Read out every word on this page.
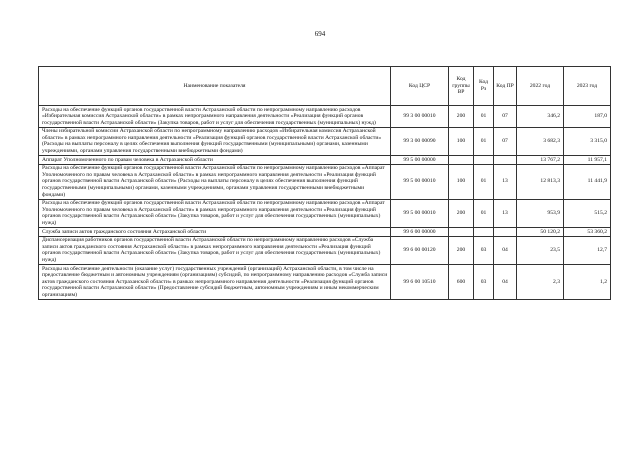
694
Наименование показателя	Код ЦСР	Код группы ВР	Код Рз	Код ПР	2022 год	2023 год
Расходы на обеспечение функций органов государственной власти Астраханской области по непрограммному направлению расходов «Избирательная комиссия Астраханской области» в рамках непрограммного направления деятельности «Реализация функций органов государственной власти Астраханской области» (Закупка товаров, работ и услуг для обеспечения государственных (муниципальных) нужд)	99 3 00 00010	200	01	07	346,2	187,0
Члены избирательной комиссии Астраханской области по непрограммному направлению расходов «Избирательная комиссия Астраханской области» в рамках непрограммного направления деятельности «Реализация функций органов государственной власти Астраханской области» (Расходы на выплаты персоналу в целях обеспечения выполнения функций государственными (муниципальными) органами, казенными учреждениями, органами управления государственными внебюджетными фондами)	99 3 00 00090	100	01	07	3 682,3	3 315,0
Аппарат Уполномоченного по правам человека в Астраханской области	99 5 00 00000				13 767,2	11 957,1
Расходы на обеспечение функций органов государственной власти Астраханской области по непрограммному направлению расходов «Аппарат Уполномоченного по правам человека в Астраханской области» в рамках непрограммного направления деятельности «Реализация функций органов государственной власти Астраханской области» (Расходы на выплаты персоналу в целях обеспечения выполнения функций государственными (муниципальными) органами, казенными учреждениями, органами управления государственными внебюджетными фондами)	99 5 00 00010	100	01	13	12 813,3	11 441,9
Расходы на обеспечение функций органов государственной власти Астраханской области по непрограммному направлению расходов «Аппарат Уполномоченного по правам человека в Астраханской области» в рамках непрограммного направления деятельности «Реализация функций органов государственной власти Астраханской области» (Закупка товаров, работ и услуг для обеспечения государственных (муниципальных) нужд)	99 5 00 00010	200	01	13	953,9	515,2
Служба записи актов гражданского состояния Астраханской области	99 6 00 00000				50 120,2	53 360,2
Диспансеризация работников органов государственной власти Астраханской области по непрограммному направлению расходов «Служба записи актов гражданского состояния Астраханской области» в рамках непрограммного направления деятельности «Реализация функций органов государственной власти Астраханской области» (Закупка товаров, работ и услуг для обеспечения государственных (муниципальных) нужд)	99 6 00 00120	200	03	04	23,5	12,7
Расходы на обеспечение деятельности (оказание услуг) государственных учреждений (организаций) Астраханской области, в том числе на предоставление бюджетным и автономным учреждениям (организациям) субсидий, по непрограммному направлению расходов «Служба записи актов гражданского состояния Астраханской области» в рамках непрограммного направления деятельности «Реализация функций органов государственной власти Астраханской области» (Предоставление субсидий бюджетным, автономным учреждениям и иным некоммерческим организациям)	99 6 00 10510	600	03	04	2,3	1,2
